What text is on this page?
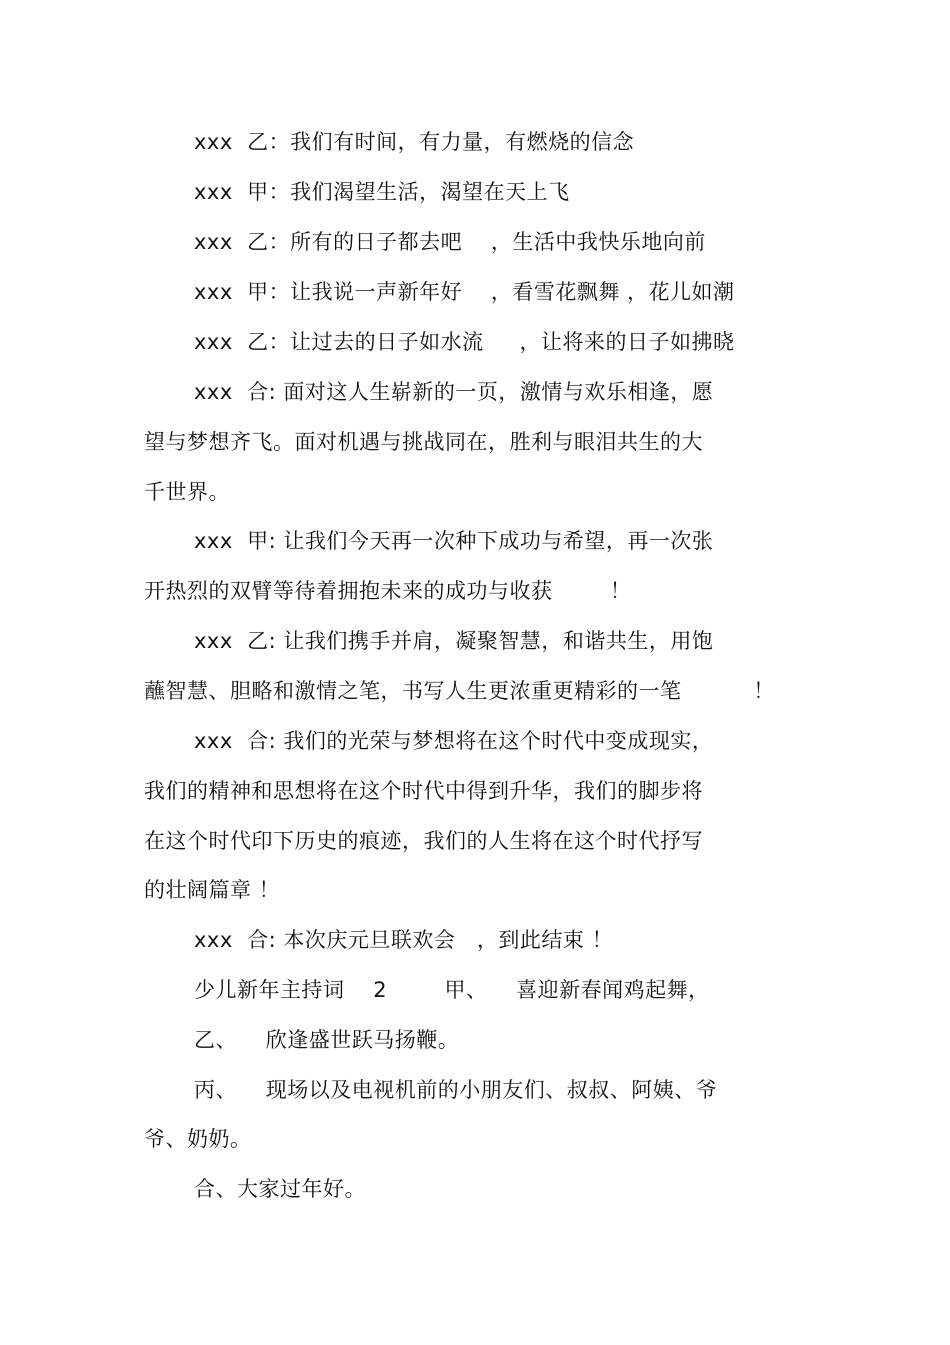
xxx  乙：我们有时间，有力量，有燃烧的信念
xxx  甲：我们渴望生活，渴望在天上飞
xxx  乙：所有的日子都去吧    ，生活中我快乐地向前
xxx  甲：让我说一声新年好    ，看雪花飘舞 ，花儿如潮
xxx  乙：让过去的日子如水流     ，让将来的日子如拂晓
xxx  合: 面对这人生崭新的一页，激情与欢乐相逢，愿
望与梦想齐飞。面对机遇与挑战同在，胜利与眼泪共生的大
千世界。
xxx  甲: 让我们今天再一次种下成功与希望，再一次张
开热烈的双臂等待着拥抱未来的成功与收获        ！
xxx  乙: 让我们携手并肩，凝聚智慧，和谐共生，用饱
蘸智慧、胆略和激情之笔，书写人生更浓重更精彩的一笔          ！
xxx  合: 我们的光荣与梦想将在这个时代中变成现实，
我们的精神和思想将在这个时代中得到升华，我们的脚步将
在这个时代印下历史的痕迹，我们的人生将在这个时代抒写
的壮阔篇章 ！
xxx  合: 本次庆元旦联欢会   ，到此结束 ！
少儿新年主持词    2        甲、    喜迎新春闻鸡起舞，
乙、    欣逢盛世跃马扬鞭。
丙、    现场以及电视机前的小朋友们、叔叔、阿姨、爷
爷、奶奶。
合、大家过年好。
